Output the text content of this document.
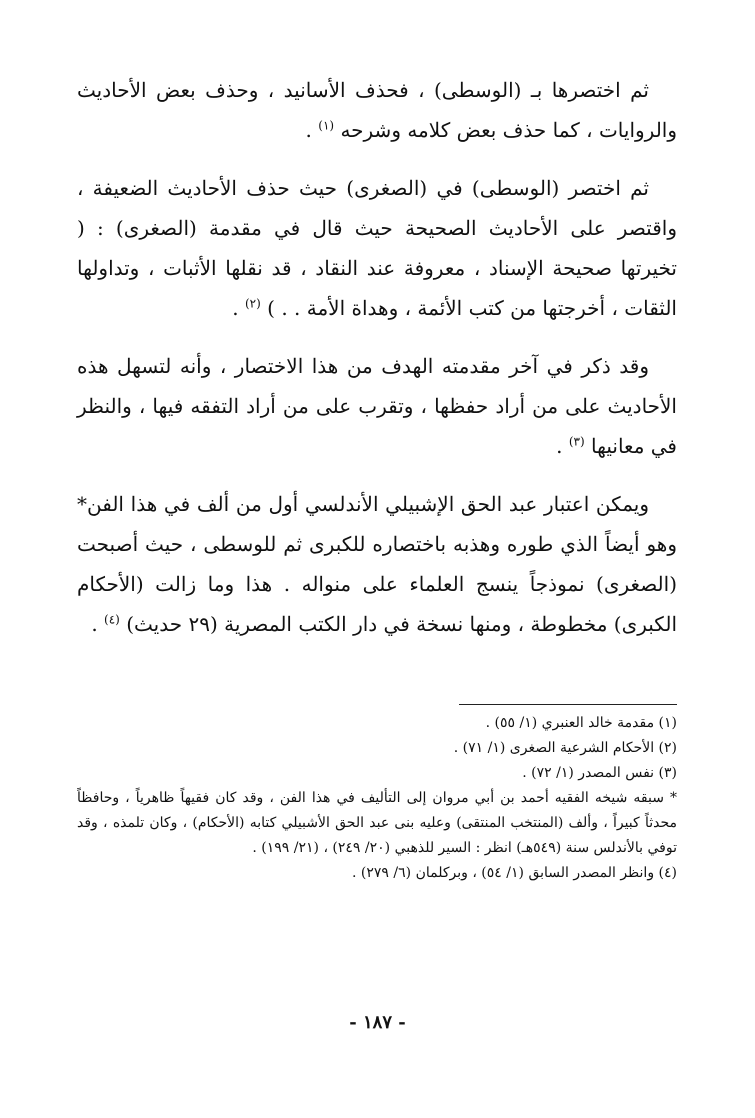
ثم اختصرها بـ (الوسطى) ، فحذف الأسانيد ، وحذف بعض الأحاديث والروايات ، كما حذف بعض كلامه وشرحه $^{(١)}$ .

ثم اختصر (الوسطى) في (الصغرى) حيث حذف الأحاديث الضعيفة ، واقتصر على الأحاديث الصحيحة حيث قال في مقدمة (الصغرى) : ( تخيرتها صحيحة الإسناد ، معروفة عند النقاد ، قد نقلها الأثبات ، وتداولها الثقات ، أخرجتها من كتب الأئمة ، وهداة الأمة . . ) $^{(٢)}$ .

وقد ذكر في آخر مقدمته الهدف من هذا الاختصار ، وأنه لتسهل هذه الأحاديث على من أراد حفظها ، وتقرب على من أراد التفقه فيها ، والنظر في معانيها $^{(٣)}$ .

ويمكن اعتبار عبد الحق الإشبيلي الأندلسي أول من ألف في هذا الفن* وهو أيضاً الذي طوره وهذبه باختصاره للكبرى ثم للوسطى ، حيث أصبحت (الصغرى) نموذجاً ينسج العلماء على منواله . هذا وما زالت (الأحكام الكبرى) مخطوطة ، ومنها نسخة في دار الكتب المصرية (٢٩ حديث) $^{(٤)}$ .

(١) مقدمة خالد العنبري (١/ ٥٥) .

(٢) الأحكام الشرعية الصغرى (١/ ٧١) .

(٣) نفس المصدر (١/ ٧٢) .

* سبقه شيخه الفقيه أحمد بن أبي مروان إلى التأليف في هذا الفن ، وقد كان فقيهاً ظاهرياً ، وحافظاً محدثاً كبيراً ، وألف (المنتخب المنتقى) وعليه بنى عبد الحق الأشبيلي كتابه (الأحكام) ، وكان تلمذه ، وقد توفي بالأندلس سنة (٥٤٩هـ) انظر : السير للذهبي (٢٠/ ٢٤٩) ، (٢١/ ١٩٩) .

(٤) وانظر المصدر السابق (١/ ٥٤) ، وبركلمان (٦/ ٢٧٩) .

- ١٨٧ -
